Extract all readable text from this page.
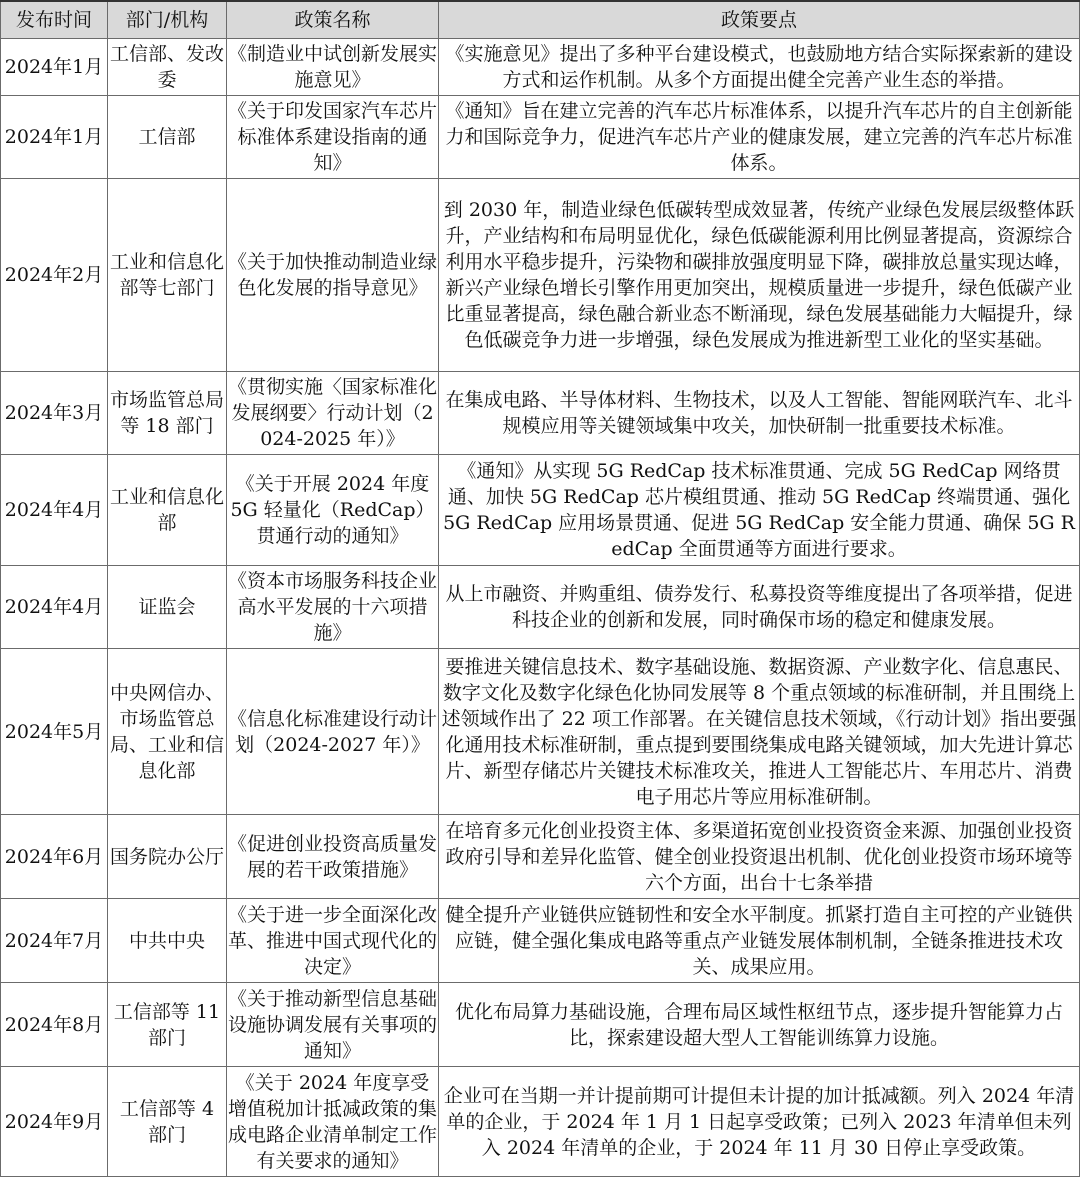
发布时间	部门/机构	政策名称	政策要点
2024年1月	工信部、发改委	《制造业中试创新发展实施意见》	《实施意见》提出了多种平台建设模式，也鼓励地方结合实际探索新的建设方式和运作机制。从多个方面提出健全完善产业生态的举措。
2024年1月	工信部	《关于印发国家汽车芯片标准体系建设指南的通知》	《通知》旨在建立完善的汽车芯片标准体系，以提升汽车芯片的自主创新能力和国际竞争力，促进汽车芯片产业的健康发展，建立完善的汽车芯片标准体系。
2024年2月	工业和信息化部等七部门	《关于加快推动制造业绿色化发展的指导意见》	到 2030 年，制造业绿色低碳转型成效显著，传统产业绿色发展层级整体跃升，产业结构和布局明显优化，绿色低碳能源利用比例显著提高，资源综合利用水平稳步提升，污染物和碳排放强度明显下降，碳排放总量实现达峰，新兴产业绿色增长引擎作用更加突出，规模质量进一步提升，绿色低碳产业比重显著提高，绿色融合新业态不断涌现，绿色发展基础能力大幅提升，绿色低碳竞争力进一步增强，绿色发展成为推进新型工业化的坚实基础。
2024年3月	市场监管总局等 18 部门	《贯彻实施〈国家标准化发展纲要〉行动计划（2024-2025 年）》	在集成电路、半导体材料、生物技术，以及人工智能、智能网联汽车、北斗规模应用等关键领域集中攻关，加快研制一批重要技术标准。
2024年4月	工业和信息化部	《关于开展 2024 年度 5G 轻量化（RedCap）贯通行动的通知》	《通知》从实现 5G RedCap 技术标准贯通、完成 5G RedCap 网络贯通、加快 5G RedCap 芯片模组贯通、推动 5G RedCap 终端贯通、强化 5G RedCap 应用场景贯通、促进 5G RedCap 安全能力贯通、确保 5G RedCap 全面贯通等方面进行要求。
2024年4月	证监会	《资本市场服务科技企业高水平发展的十六项措施》	从上市融资、并购重组、债券发行、私募投资等维度提出了各项举措，促进科技企业的创新和发展，同时确保市场的稳定和健康发展。
2024年5月	中央网信办、市场监管总局、工业和信息化部	《信息化标准建设行动计划（2024-2027 年）》	要推进关键信息技术、数字基础设施、数据资源、产业数字化、信息惠民、数字文化及数字化绿色化协同发展等 8 个重点领域的标准研制，并且围绕上述领域作出了 22 项工作部署。在关键信息技术领域，《行动计划》指出要强化通用技术标准研制，重点提到要围绕集成电路关键领域，加大先进计算芯片、新型存储芯片关键技术标准攻关，推进人工智能芯片、车用芯片、消费电子用芯片等应用标准研制。
2024年6月	国务院办公厅	《促进创业投资高质量发展的若干政策措施》	在培育多元化创业投资主体、多渠道拓宽创业投资资金来源、加强创业投资政府引导和差异化监管、健全创业投资退出机制、优化创业投资市场环境等六个方面，出台十七条举措
2024年7月	中共中央	《关于进一步全面深化改革、推进中国式现代化的决定》	健全提升产业链供应链韧性和安全水平制度。抓紧打造自主可控的产业链供应链，健全强化集成电路等重点产业链发展体制机制，全链条推进技术攻关、成果应用。
2024年8月	工信部等 11 部门	《关于推动新型信息基础设施协调发展有关事项的通知》	优化布局算力基础设施，合理布局区域性枢纽节点，逐步提升智能算力占比，探索建设超大型人工智能训练算力设施。
2024年9月	工信部等 4 部门	《关于 2024 年度享受增值税加计抵减政策的集成电路企业清单制定工作有关要求的通知》	企业可在当期一并计提前期可计提但未计提的加计抵减额。列入 2024 年清单的企业，于 2024 年 1 月 1 日起享受政策；已列入 2023 年清单但未列入 2024 年清单的企业，于 2024 年 11 月 30 日停止享受政策。
